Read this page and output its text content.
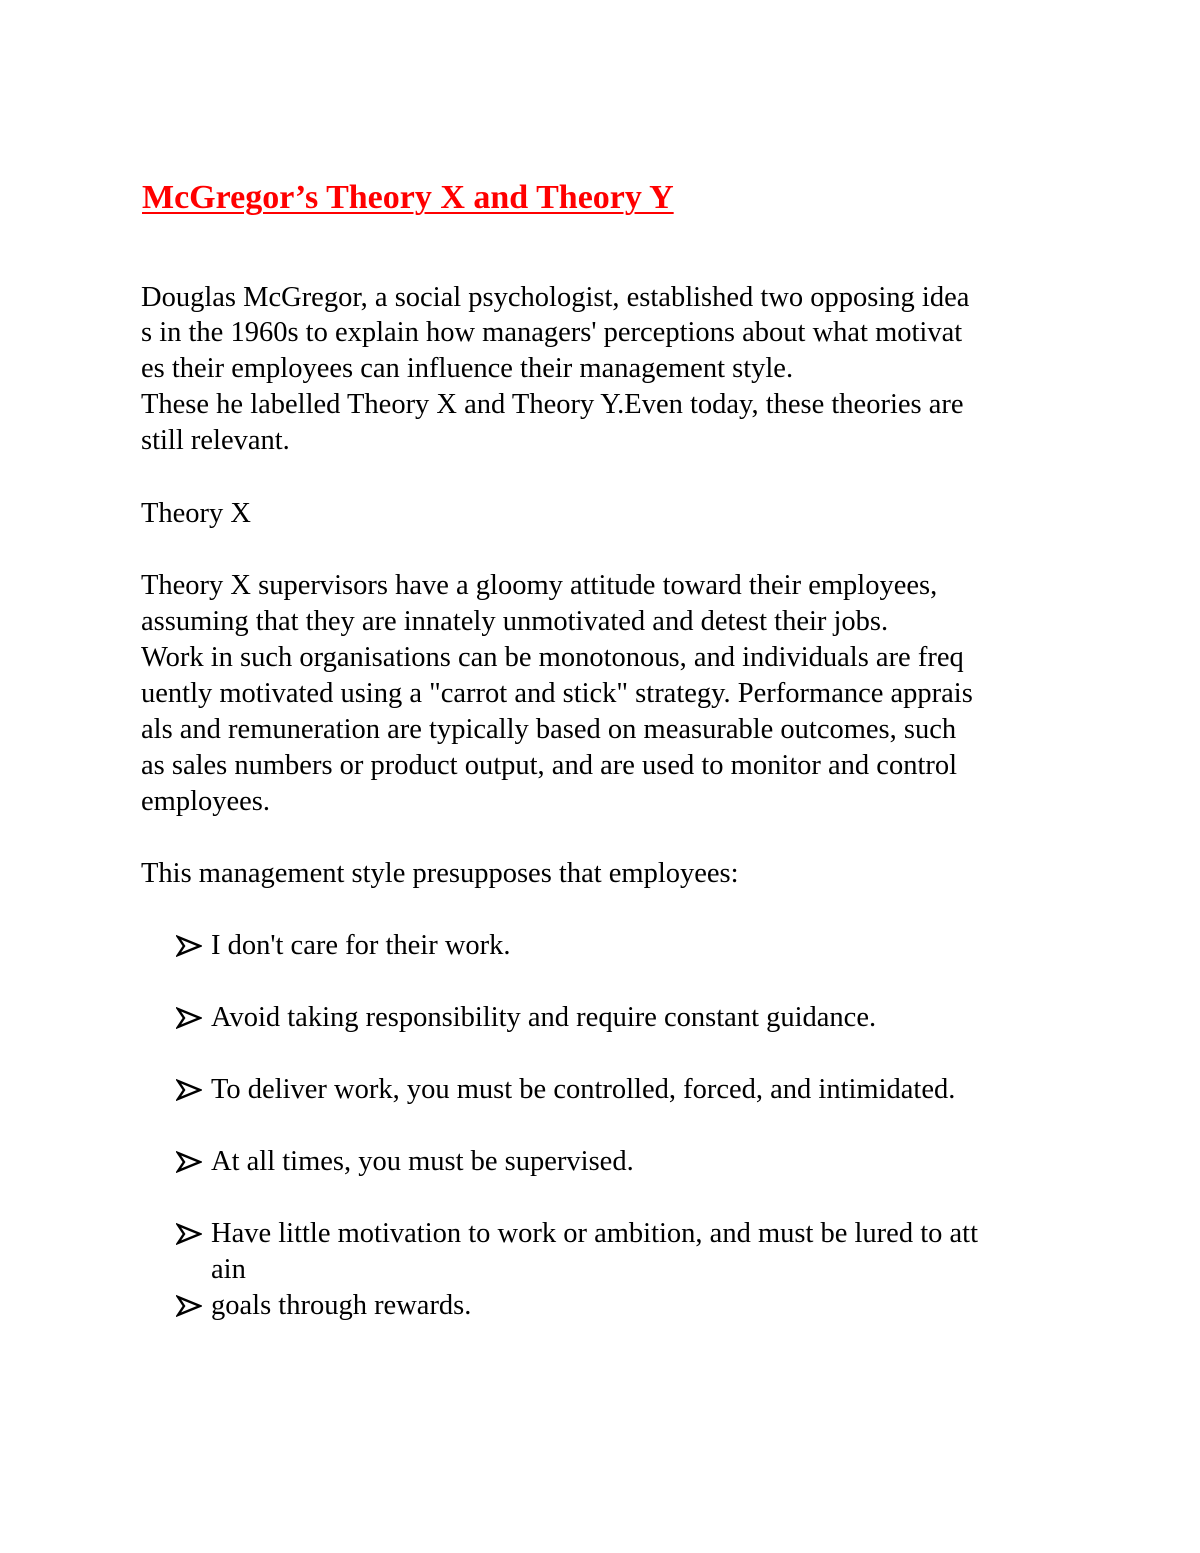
McGregor’s Theory X and Theory Y

Douglas McGregor, a social psychologist, established two opposing idea

s in the 1960s to explain how managers' perceptions about what motivat

es their employees can influence their management style.

These he labelled Theory X and Theory Y.Even today, these theories are

still relevant.

Theory X

Theory X supervisors have a gloomy attitude toward their employees,

assuming that they are innately unmotivated and detest their jobs.

Work in such organisations can be monotonous, and individuals are freq

uently motivated using a "carrot and stick" strategy. Performance apprais

als and remuneration are typically based on measurable outcomes, such

as sales numbers or product output, and are used to monitor and control

employees.

This management style presupposes that employees:

I don't care for their work.

Avoid taking responsibility and require constant guidance.

To deliver work, you must be controlled, forced, and intimidated.

At all times, you must be supervised.

Have little motivation to work or ambition, and must be lured to att

ain

goals through rewards.
